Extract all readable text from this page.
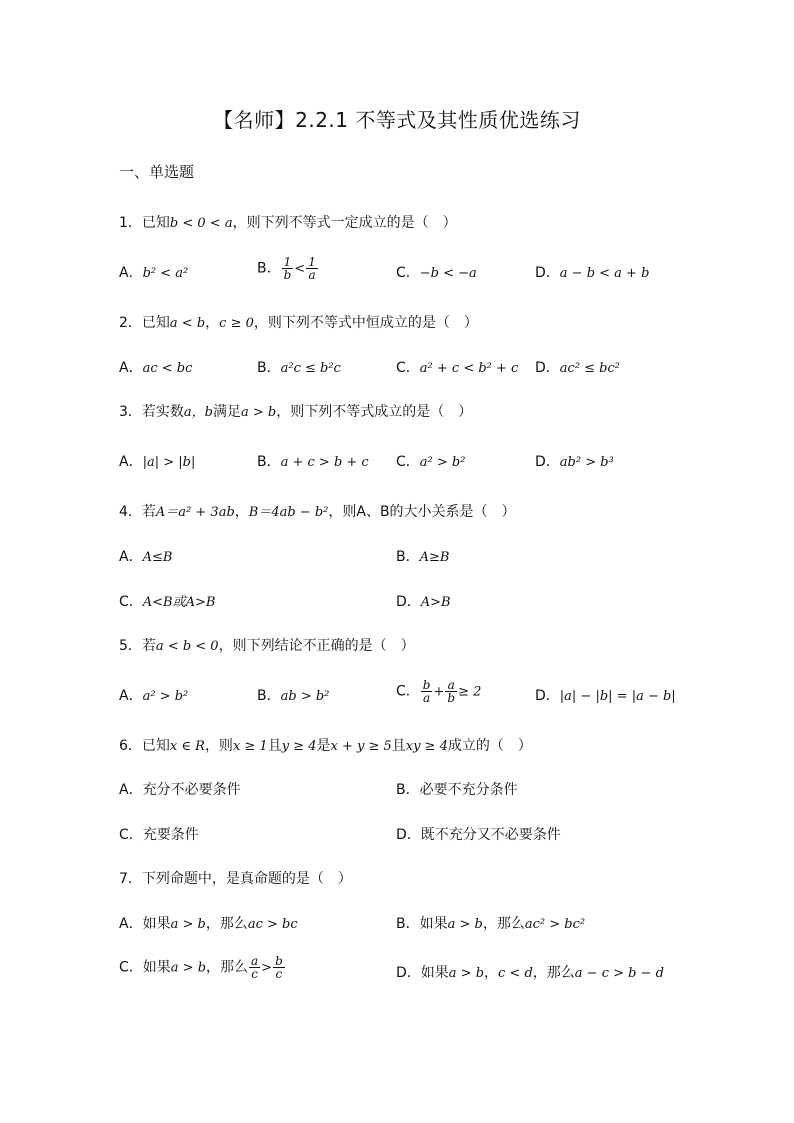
【名师】2.2.1 不等式及其性质优选练习
一、单选题
1．已知b < 0 < a，则下列不等式一定成立的是（　）
A．b² < a²	B． $\frac{1}{b} < \frac{1}{a}$	C．−b < −a	D．a − b < a + b
2．已知a < b，c ≥ 0，则下列不等式中恒成立的是（　）
A．ac < bc	B．a²c ≤ b²c	C．a² + c < b² + c D．ac² ≤ bc²
3．若实数a，b满足a > b，则下列不等式成立的是（　）
A．|a| > |b|	B．a + c > b + c C．a² > b²	D．ab² > b³
4．若A＝a² + 3ab，B＝4ab − b²，则A、B的大小关系是（　）
A．A≤B	B．A≥B
C．A<B或A>B	D．A>B
5．若a < b < 0，则下列结论不正确的是（　）
A．a² > b²	B．ab > b²	C． $\frac{b}{a} + \frac{a}{b} \ge 2$	D．|a| − |b| = |a − b|
6．已知x ∈ R，则x ≥ 1且y ≥ 4是x + y ≥ 5且xy ≥ 4成立的（　）
A．充分不必要条件	B．必要不充分条件
C．充要条件	D．既不充分又不必要条件
7．下列命题中，是真命题的是（　）
A．如果a > b，那么ac > bc	B．如果a > b，那么ac² > bc²
C．如果a > b，那么 $\frac{a}{c} > \frac{b}{c}$	D．如果a > b，c < d，那么a − c > b − d
